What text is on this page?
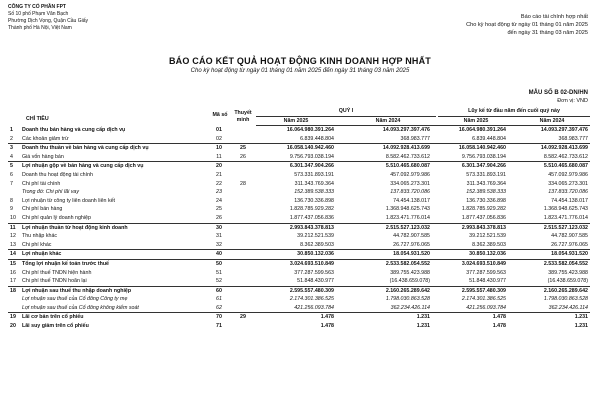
CÔNG TY CỔ PHẦN FPT
Số 10 phố Phạm Văn Bạch
Phường Dịch Vọng, Quận Cầu Giấy
Thành phố Hà Nội, Việt Nam
Báo cáo tài chính hợp nhất
Cho kỳ hoạt động từ ngày 01 tháng 01 năm 2025
đến ngày 31 tháng 03 năm 2025
BÁO CÁO KẾT QUẢ HOẠT ĐỘNG KINH DOANH HỢP NHẤT
Cho kỳ hoạt động từ ngày 01 tháng 01 năm 2025 đến ngày 31 tháng 03 năm 2025
MẪU SỐ B 02-DN/HN
Đơn vị: VND
CHỈ TIÊU
Mã số	Thuyết
minh
QUÝ I	Lũy kế từ đầu năm đến cuối quý này
Năm 2025	Năm 2024	Năm 2025	Năm 2024
1	Doanh thu bán hàng và cung cấp dịch vụ	01		16.064.980.391.264	14.093.297.397.476	16.064.980.391.264	14.093.297.397.476
2	Các khoản giảm trừ	02		6.839.448.804	368.983.777	6.839.448.804	368.983.777
3	Doanh thu thuần về bán hàng và cung cấp dịch vụ	10	25	16.058.140.942.460	14.092.928.413.699	16.058.140.942.460	14.092.928.413.699
4	Giá vốn hàng bán	11	26	9.756.793.038.194	8.582.462.733.612	9.756.793.038.194	8.582.462.733.612
5	Lợi nhuận gộp về bán hàng và cung cấp dịch vụ	20		6.301.347.904.266	5.510.465.680.087	6.301.347.904.266	5.510.465.680.087
6	Doanh thu hoạt động tài chính	21		573.331.893.191	457.092.979.986	573.331.893.191	457.092.979.986
7	Chi phí tài chính	22	28	311.343.769.364	334.065.273.301	311.343.769.364	334.065.273.301
	Trong đó: Chi phí lãi vay	23		152.389.538.333	137.833.720.086	152.389.538.333	137.833.720.086
8	Lợi nhuận từ công ty liên doanh liên kết	24		136.730.336.898	74.454.138.017	136.730.336.898	74.454.138.017
9	Chi phí bán hàng	25		1.828.785.929.282	1.368.948.625.743	1.828.785.929.282	1.368.948.625.743
10	Chi phí quản lý doanh nghiệp	26		1.877.437.056.836	1.823.471.776.014	1.877.437.056.836	1.823.471.776.014
11	Lợi nhuận thuần từ hoạt động kinh doanh	30		2.993.843.378.813	2.515.527.123.032	2.993.843.378.813	2.515.527.123.032
12	Thu nhập khác	31		39.212.521.539	44.782.907.585	39.212.521.539	44.782.907.585
13	Chi phí khác	32		8.362.389.503	26.727.976.065	8.362.389.503	26.727.976.065
14	Lợi nhuận khác	40		30.850.132.036	18.054.931.520	30.850.132.036	18.054.931.520
15	Tổng lợi nhuận kế toán trước thuế	50		3.024.693.510.849	2.533.582.054.552	3.024.693.510.849	2.533.582.054.552
16	Chi phí thuế TNDN hiện hành	51		377.287.599.563	389.755.423.988	377.287.599.563	389.755.423.988
17	Chi phí thuế TNDN hoãn lại	52		51.848.430.977	(16.438.659.078)	51.848.430.977	(16.438.659.078)
18	Lợi nhuận sau thuế thu nhập doanh nghiệp	60		2.595.557.480.309	2.160.265.289.642	2.595.557.480.309	2.160.265.289.642
	Lợi nhuận sau thuế của Cổ đông Công ty mẹ	61		2.174.301.386.525	1.798.030.863.528	2.174.301.386.525	1.798.030.863.528
	Lợi nhuận sau thuế của Cổ đông không kiểm soát	62		421.256.093.784	362.234.426.114	421.256.093.784	362.234.426.114
19	Lãi cơ bản trên cổ phiếu	70	29	1.478	1.231	1.478	1.231
20	Lãi suy giảm trên cổ phiếu	71		1.478	1.231	1.478	1.231
